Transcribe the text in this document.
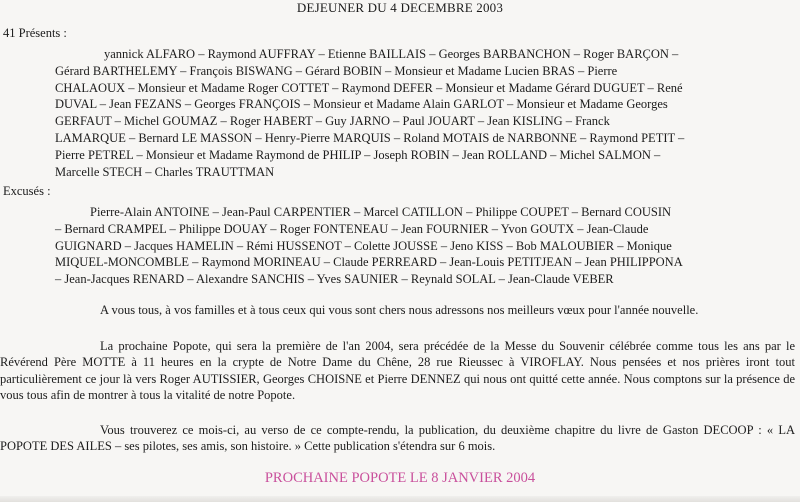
DEJEUNER DU 4 DECEMBRE 2003
41 Présents :
yannick ALFARO – Raymond AUFFRAY – Etienne BAILLAIS – Georges BARBANCHON – Roger BARÇON –
Gérard BARTHELEMY – François BISWANG – Gérard BOBIN – Monsieur et Madame Lucien BRAS – Pierre
CHALAOUX – Monsieur et Madame Roger COTTET – Raymond DEFER – Monsieur et Madame Gérard DUGUET – René
DUVAL – Jean FEZANS – Georges FRANÇOIS – Monsieur et Madame Alain GARLOT – Monsieur et Madame Georges
GERFAUT – Michel GOUMAZ – Roger HABERT – Guy JARNO – Paul JOUART – Jean KISLING – Franck
LAMARQUE – Bernard LE MASSON – Henry-Pierre MARQUIS – Roland MOTAIS de NARBONNE – Raymond PETIT –
Pierre PETREL – Monsieur et Madame Raymond de PHILIP – Joseph ROBIN – Jean ROLLAND – Michel SALMON –
Marcelle STECH – Charles TRAUTTMAN
Excusés :
Pierre-Alain ANTOINE – Jean-Paul CARPENTIER – Marcel CATILLON – Philippe COUPET – Bernard COUSIN
– Bernard CRAMPEL – Philippe DOUAY – Roger FONTENEAU – Jean FOURNIER – Yvon GOUTX – Jean-Claude
GUIGNARD – Jacques HAMELIN – Rémi HUSSENOT – Colette JOUSSE – Jeno KISS – Bob MALOUBIER – Monique
MIQUEL-MONCOMBLE – Raymond MORINEAU – Claude PERREARD – Jean-Louis PETITJEAN – Jean PHILIPPONA
– Jean-Jacques RENARD – Alexandre SANCHIS – Yves SAUNIER – Reynald SOLAL – Jean-Claude VEBER
A vous tous, à vos familles et à tous ceux qui vous sont chers nous adressons nos meilleurs vœux pour l'année nouvelle.
La prochaine Popote, qui sera la première de l'an 2004, sera précédée de la Messe du Souvenir célébrée comme tous les ans par le Révérend Père MOTTE à 11 heures en la crypte de Notre Dame du Chêne, 28 rue Rieussec à VIROFLAY. Nous pensées et nos prières iront tout particulièrement ce jour là vers Roger AUTISSIER, Georges CHOISNE et Pierre DENNEZ qui nous ont quitté cette année. Nous comptons sur la présence de vous tous afin de montrer à tous la vitalité de notre Popote.
Vous trouverez ce mois-ci, au verso de ce compte-rendu, la publication, du deuxième chapitre du livre de Gaston DECOOP : « LA POPOTE DES AILES – ses pilotes, ses amis, son histoire. » Cette publication s'étendra sur 6 mois.
PROCHAINE POPOTE LE 8 JANVIER 2004
